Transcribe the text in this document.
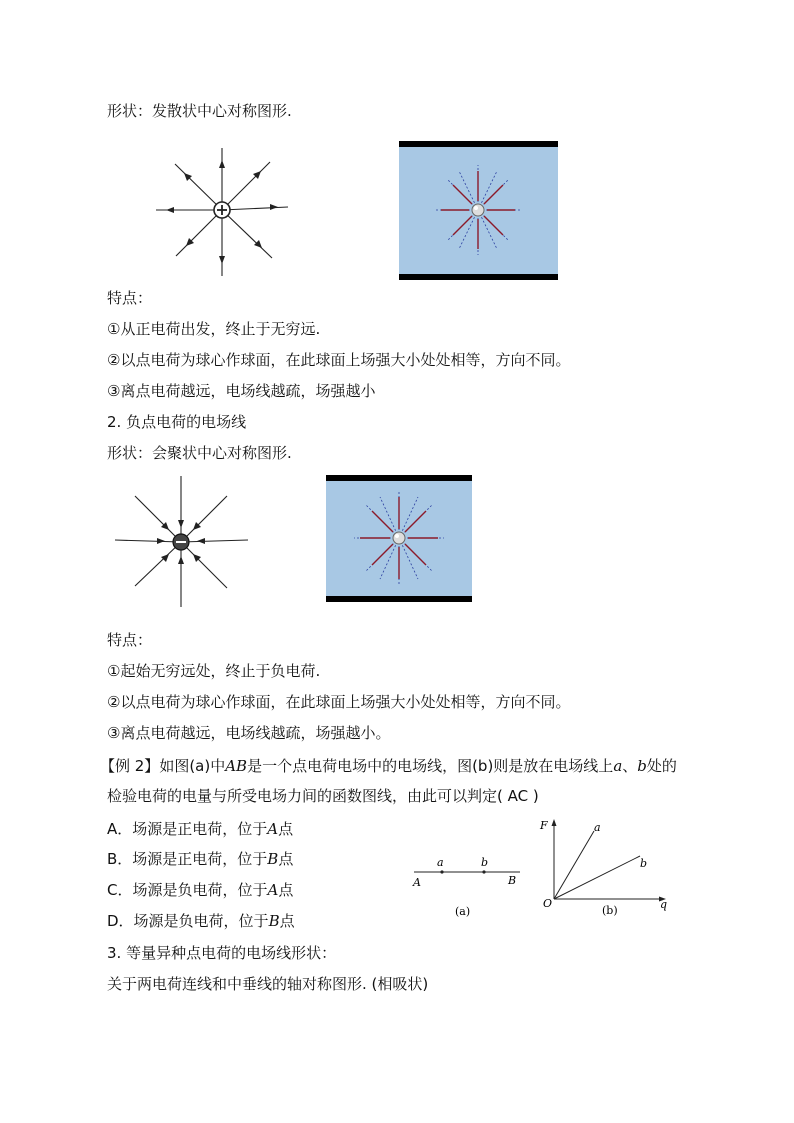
形状：发散状中心对称图形.
特点：
①从正电荷出发，终止于无穷远.
②以点电荷为球心作球面，在此球面上场强大小处处相等，方向不同。
③离点电荷越远，电场线越疏，场强越小
2. 负点电荷的电场线
形状：会聚状中心对称图形.
特点：
①起始无穷远处，终止于负电荷.
②以点电荷为球心作球面，在此球面上场强大小处处相等，方向不同。
③离点电荷越远，电场线越疏，场强越小。
【例 2】如图(a)中AB是一个点电荷电场中的电场线，图(b)则是放在电场线上a、b处的
检验电荷的电量与所受电场力间的函数图线，由此可以判定( AC )
A．场源是正电荷，位于A点
B．场源是正电荷，位于B点
C．场源是负电荷，位于A点
D．场源是负电荷，位于B点
a	b
A	B
(a)
F	a
b
O	q
(b)
3. 等量异种点电荷的电场线形状：
关于两电荷连线和中垂线的轴对称图形. (相吸状)
